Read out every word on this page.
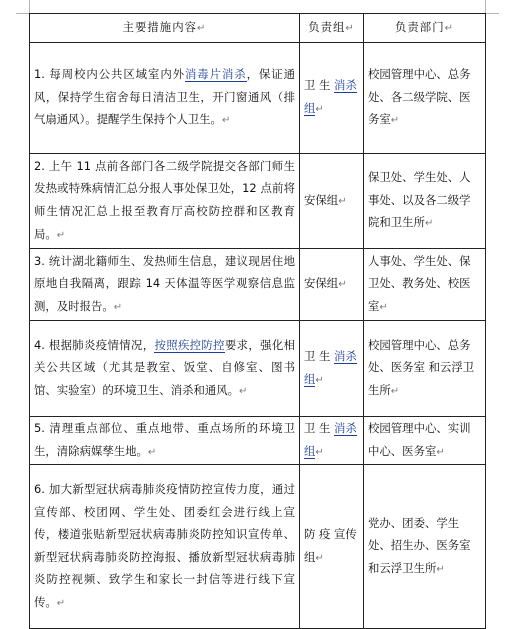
主要措施内容↵	负责组↵	负责部门↵
1. 每周校内公共区域室内外消毒片消杀，保证通风，保持学生宿舍每日清洁卫生，开门窗通风（排气扇通风）。提醒学生保持个人卫生。↵	卫 生 消杀组↵	校园管理中心、总务处、各二级学院、医务室↵
2. 上午 11 点前各部门各二级学院提交各部门师生发热或特殊病情汇总分报人事处保卫处，12 点前将师生情况汇总上报至教育厅高校防控群和区教育局。↵	安保组↵	保卫处、学生处、人事处、以及各二级学院和卫生所↵
3. 统计湖北籍师生、发热师生信息，建议现居住地原地自我隔离，跟踪 14 天体温等医学观察信息监测，及时报告。↵	安保组↵	人事处、学生处、保卫处、教务处、校医室↵
4. 根据肺炎疫情情况，按照疾控防控要求，强化相关公共区域（尤其是教室、饭堂、自修室、图书馆、实验室）的环境卫生、消杀和通风。↵	卫 生 消杀组↵	校园管理中心、总务处、医务室 和云浮卫生所↵
5. 清理重点部位、重点地带、重点场所的环境卫生，清除病媒孳生地。↵	卫 生 消杀组↵	校园管理中心、实训中心、医务室↵
6. 加大新型冠状病毒肺炎疫情防控宣传力度，通过宣传部、校团网、学生处、团委红会进行线上宣传，楼道张贴新型冠状病毒肺炎防控知识宣传单、新型冠状病毒肺炎防控海报、播放新型冠状病毒肺炎防控视频、致学生和家长一封信等进行线下宣传。↵	防 疫 宣传组↵	党办、团委、学生处、招生办、医务室和云浮卫生所↵
